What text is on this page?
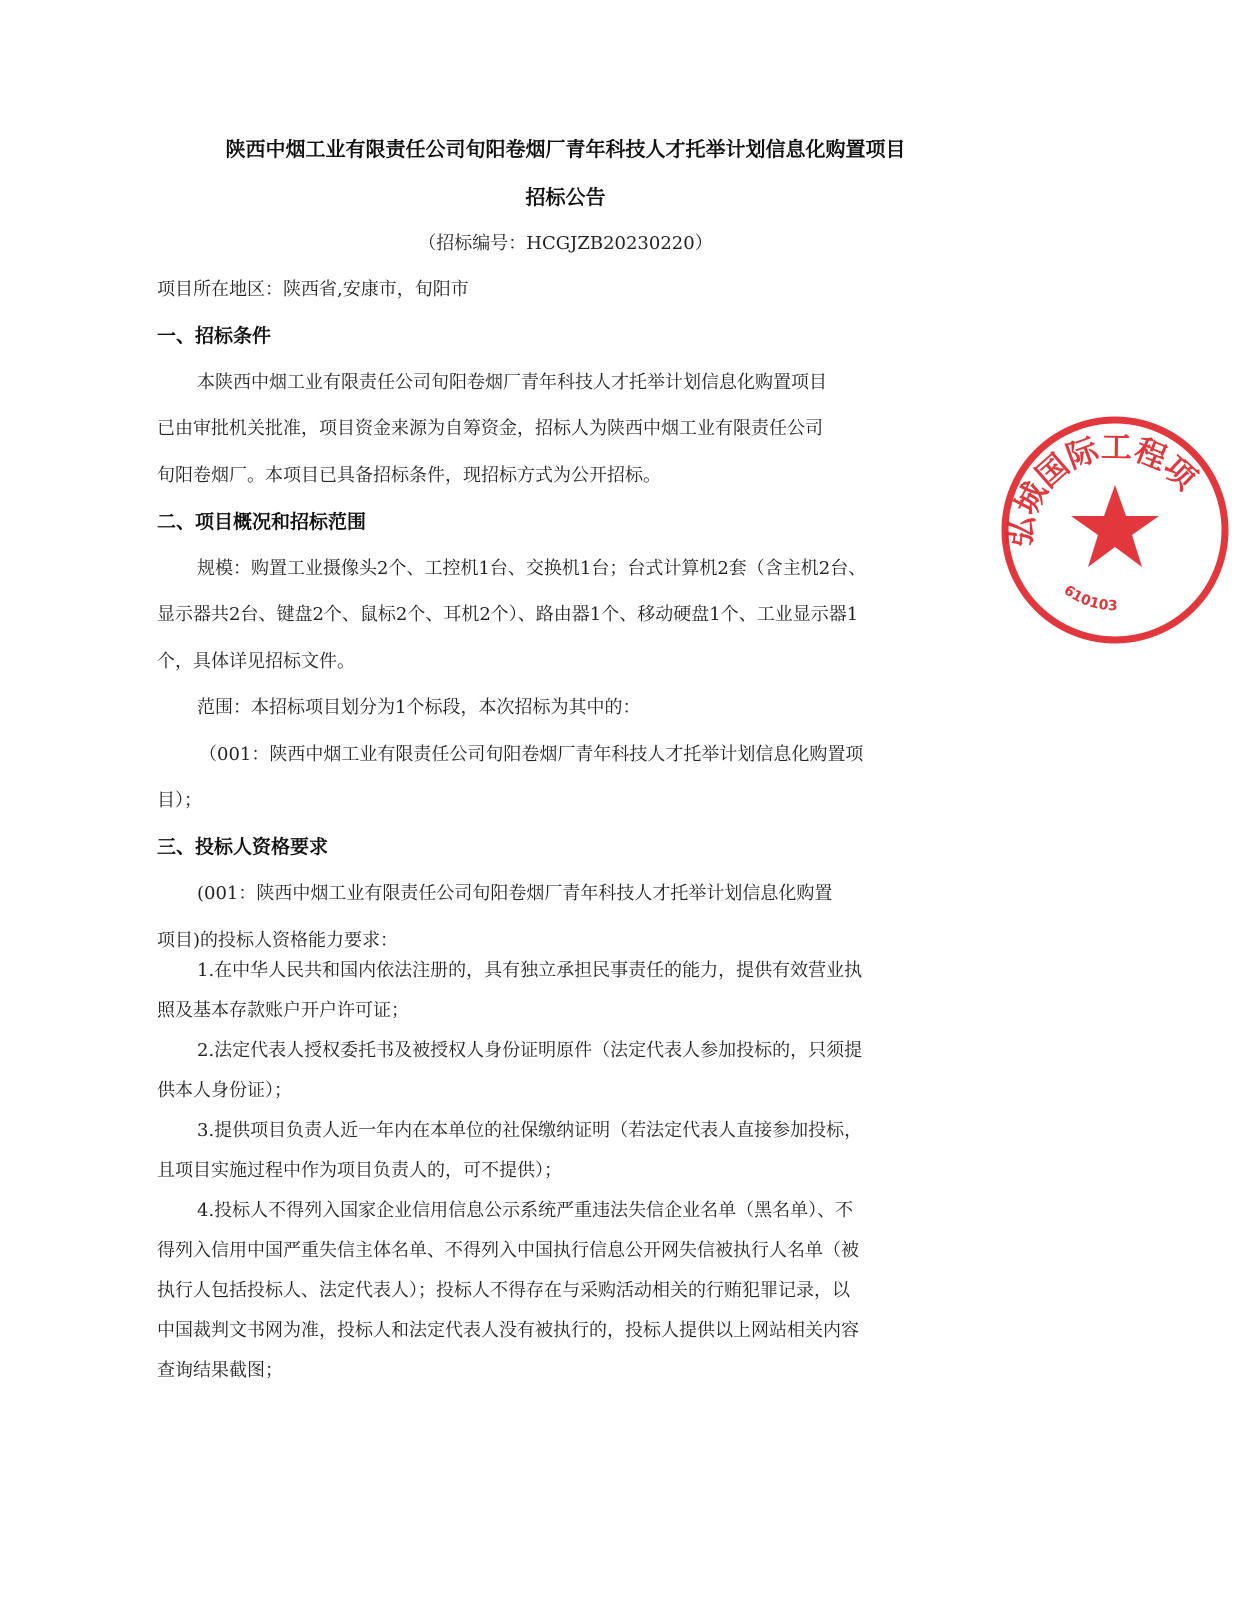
陕西中烟工业有限责任公司旬阳卷烟厂青年科技人才托举计划信息化购置项目
招标公告
（招标编号：HCGJZB20230220）
项目所在地区：陕西省,安康市，旬阳市
一、招标条件
本陕西中烟工业有限责任公司旬阳卷烟厂青年科技人才托举计划信息化购置项目
已由审批机关批准，项目资金来源为自筹资金，招标人为陕西中烟工业有限责任公司
旬阳卷烟厂。本项目已具备招标条件，现招标方式为公开招标。
二、项目概况和招标范围
规模：购置工业摄像头2个、工控机1台、交换机1台；台式计算机2套（含主机2台、
显示器共2台、键盘2个、鼠标2个、耳机2个）、路由器1个、移动硬盘1个、工业显示器1
个，具体详见招标文件。
范围：本招标项目划分为1个标段，本次招标为其中的：
（001：陕西中烟工业有限责任公司旬阳卷烟厂青年科技人才托举计划信息化购置项
目）；
三、投标人资格要求
(001：陕西中烟工业有限责任公司旬阳卷烟厂青年科技人才托举计划信息化购置
项目)的投标人资格能力要求：
1.在中华人民共和国内依法注册的，具有独立承担民事责任的能力，提供有效营业执
照及基本存款账户开户许可证；
2.法定代表人授权委托书及被授权人身份证明原件（法定代表人参加投标的，只须提
供本人身份证）；
3.提供项目负责人近一年内在本单位的社保缴纳证明（若法定代表人直接参加投标，
且项目实施过程中作为项目负责人的，可不提供）；
4.投标人不得列入国家企业信用信息公示系统严重违法失信企业名单（黑名单）、不
得列入信用中国严重失信主体名单、不得列入中国执行信息公开网失信被执行人名单（被
执行人包括投标人、法定代表人）；投标人不得存在与采购活动相关的行贿犯罪记录，以
中国裁判文书网为准，投标人和法定代表人没有被执行的，投标人提供以上网站相关内容
查询结果截图；
弘城国际工程项
610103
